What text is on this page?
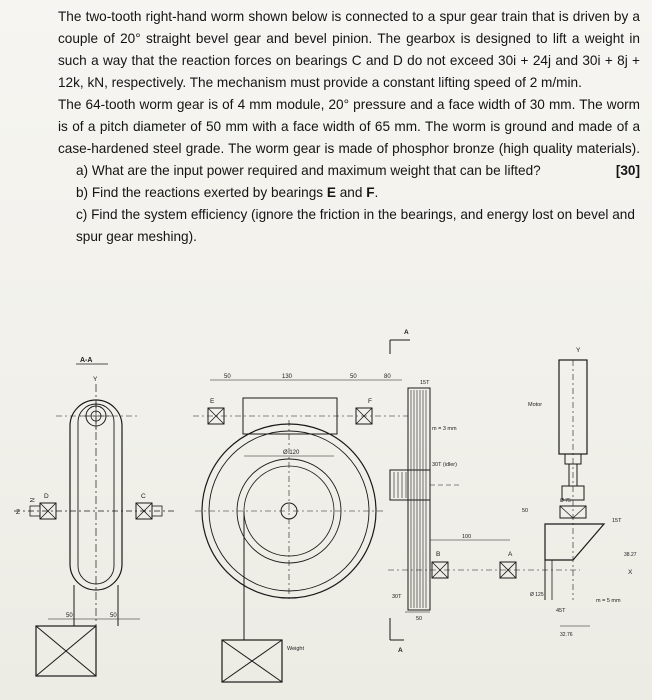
The two-tooth right-hand worm shown below is connected to a spur gear train that is driven by a couple of 20° straight bevel gear and bevel pinion. The gearbox is designed to lift a weight in such a way that the reaction forces on bearings C and D do not exceed 30i + 24j and 30i + 8j + 12k, kN, respectively. The mechanism must provide a constant lifting speed of 2 m/min.

The 64-tooth worm gear is of 4 mm module, 20° pressure and a face width of 30 mm. The worm is of a pitch diameter of 50 mm with a face width of 65 mm. The worm is ground and made of a case-hardened steel grade. The worm gear is made of phosphor bronze (high quality materials).
[30]

a) What are the input power required and maximum weight that can be lifted?

b) Find the reactions exerted by bearings E and F.

c) Find the system efficiency (ignore the friction in the bearings, and energy lost on bevel and spur gear meshing).

A-A
Y
D	C
Z
N
50	50
50	130	50	80
E	F
Ø 120
Weight
A
A
15T
m = 3 mm
30T (idler)
30T
50
B	A
100
Motor
Y
Ø 75
50
15T
Ø 125
45T
m = 5 mm
38.27
X
32.76
